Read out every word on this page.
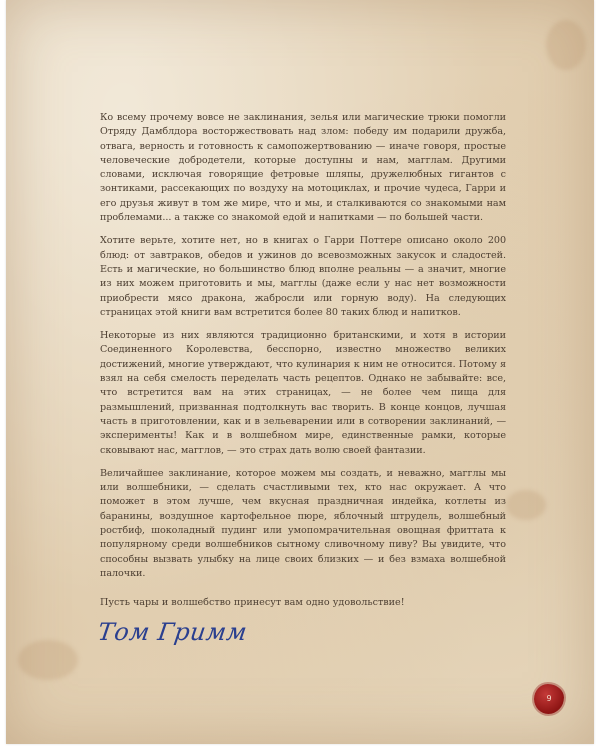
Ко всему прочему вовсе не заклинания, зелья или магические трюки помогли Отряду Дамблдора восторжествовать над злом: победу им подарили дружба, отвага, верность и готовность к самопожертвованию — иначе говоря, простые человеческие добродетели, которые доступны и нам, магглам. Другими словами, исключая говорящие фетровые шляпы, дружелюбных гигантов с зонтиками, рассекающих по воздуху на мотоциклах, и прочие чудеса, Гарри и его друзья живут в том же мире, что и мы, и сталкиваются со знакомыми нам проблемами... а также со знакомой едой и напитками — по большей части.

Хотите верьте, хотите нет, но в книгах о Гарри Поттере описано около 200 блюд: от завтраков, обедов и ужинов до всевозможных закусок и сладостей. Есть и магические, но большинство блюд вполне реальны — а значит, многие из них можем приготовить и мы, магглы (даже если у нас нет возможности приобрести мясо дракона, жабросли или горную воду). На следующих страницах этой книги вам встретится более 80 таких блюд и напитков.

Некоторые из них являются традиционно британскими, и хотя в истории Соединенного Королевства, бесспорно, известно множество великих достижений, многие утверждают, что кулинария к ним не относится. Потому я взял на себя смелость переделать часть рецептов. Однако не забывайте: все, что встретится вам на этих страницах, — не более чем пища для размышлений, призванная подтолкнуть вас творить. В конце концов, лучшая часть в приготовлении, как и в зельеварении или в сотворении заклинаний, — эксперименты! Как и в волшебном мире, единственные рамки, которые сковывают нас, магглов, — это страх дать волю своей фантазии.

Величайшее заклинание, которое можем мы создать, и неважно, магглы мы или волшебники, — сделать счастливыми тех, кто нас окружает. А что поможет в этом лучше, чем вкусная праздничная индейка, котлеты из баранины, воздушное картофельное пюре, яблочный штрудель, волшебный ростбиф, шоколадный пудинг или умопомрачительная овощная фриттата к популярному среди волшебников сытному сливочному пиву? Вы увидите, что способны вызвать улыбку на лице своих близких — и без взмаха волшебной палочки.

Пусть чары и волшебство принесут вам одно удовольствие!

Том Гримм
9
